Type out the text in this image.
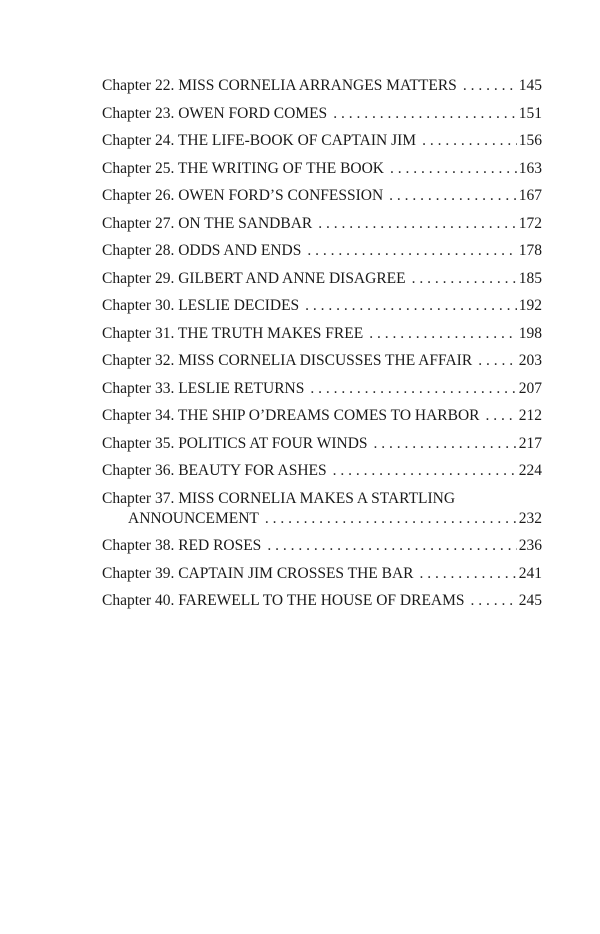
Chapter 22. MISS CORNELIA ARRANGES MATTERS . . .	145
Chapter 23. OWEN FORD COMES . . .	151
Chapter 24. THE LIFE-BOOK OF CAPTAIN JIM . . .	156
Chapter 25. THE WRITING OF THE BOOK . . .	163
Chapter 26. OWEN FORD’S CONFESSION . . .	167
Chapter 27. ON THE SANDBAR . . .	172
Chapter 28. ODDS AND ENDS . . .	178
Chapter 29. GILBERT AND ANNE DISAGREE . . .	185
Chapter 30. LESLIE DECIDES . . .	192
Chapter 31. THE TRUTH MAKES FREE . . .	198
Chapter 32. MISS CORNELIA DISCUSSES THE AFFAIR . . .	203
Chapter 33. LESLIE RETURNS . . .	207
Chapter 34. THE SHIP O’DREAMS COMES TO HARBOR . . .	212
Chapter 35. POLITICS AT FOUR WINDS . . .	217
Chapter 36. BEAUTY FOR ASHES . . .	224
Chapter 37. MISS CORNELIA MAKES A STARTLING
ANNOUNCEMENT . . .	232
Chapter 38. RED ROSES . . .	236
Chapter 39. CAPTAIN JIM CROSSES THE BAR . . .	241
Chapter 40. FAREWELL TO THE HOUSE OF DREAMS . . .	245
